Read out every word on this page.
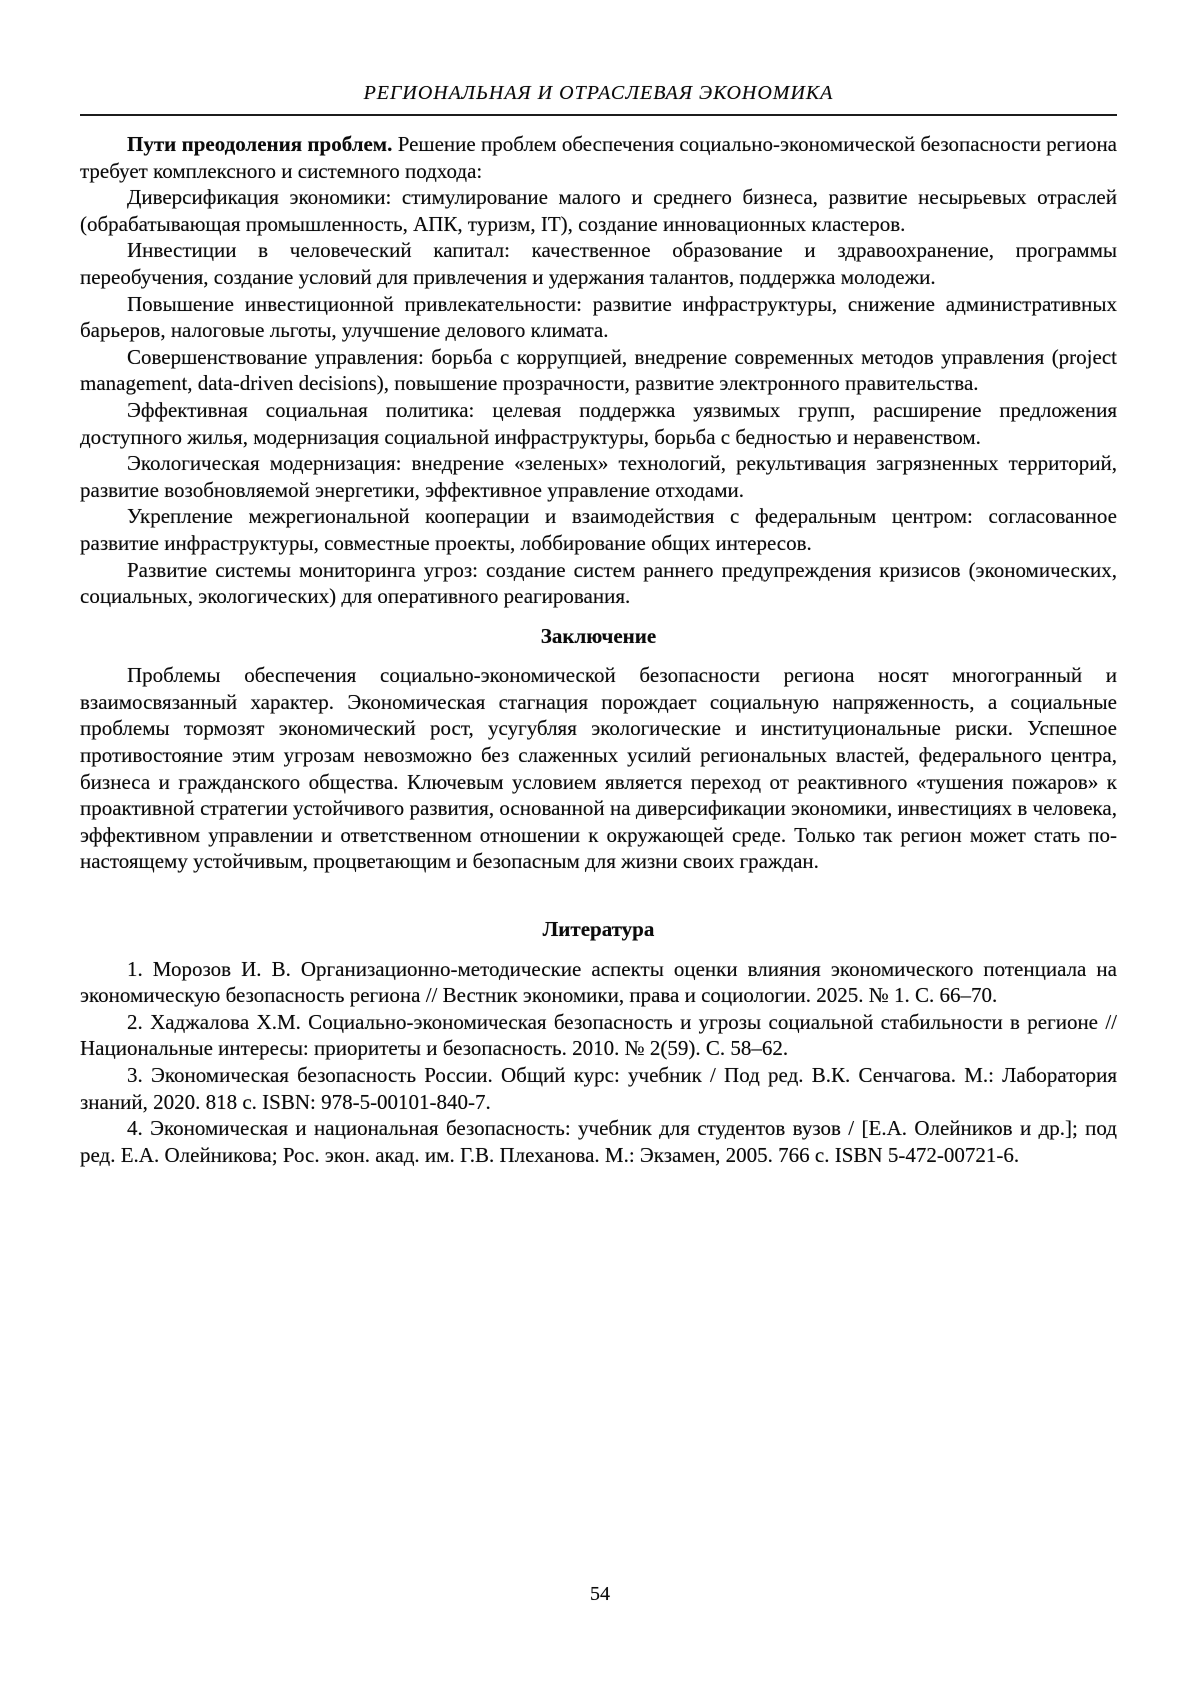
РЕГИОНАЛЬНАЯ И ОТРАСЛЕВАЯ ЭКОНОМИКА

Пути преодоления проблем. Решение проблем обеспечения социально-экономической безопасности региона требует комплексного и системного подхода:

Диверсификация экономики: стимулирование малого и среднего бизнеса, развитие несырьевых отраслей (обрабатывающая промышленность, АПК, туризм, IT), создание инновационных кластеров.

Инвестиции в человеческий капитал: качественное образование и здравоохранение, программы переобучения, создание условий для привлечения и удержания талантов, поддержка молодежи.

Повышение инвестиционной привлекательности: развитие инфраструктуры, снижение административных барьеров, налоговые льготы, улучшение делового климата.

Совершенствование управления: борьба с коррупцией, внедрение современных методов управления (project management, data-driven decisions), повышение прозрачности, развитие электронного правительства.

Эффективная социальная политика: целевая поддержка уязвимых групп, расширение предложения доступного жилья, модернизация социальной инфраструктуры, борьба с бедностью и неравенством.

Экологическая модернизация: внедрение «зеленых» технологий, рекультивация загрязненных территорий, развитие возобновляемой энергетики, эффективное управление отходами.

Укрепление межрегиональной кооперации и взаимодействия с федеральным центром: согласованное развитие инфраструктуры, совместные проекты, лоббирование общих интересов.

Развитие системы мониторинга угроз: создание систем раннего предупреждения кризисов (экономических, социальных, экологических) для оперативного реагирования.

Заключение

Проблемы обеспечения социально-экономической безопасности региона носят многогранный и взаимосвязанный характер. Экономическая стагнация порождает социальную напряженность, а социальные проблемы тормозят экономический рост, усугубляя экологические и институциональные риски. Успешное противостояние этим угрозам невозможно без слаженных усилий региональных властей, федерального центра, бизнеса и гражданского общества. Ключевым условием является переход от реактивного «тушения пожаров» к проактивной стратегии устойчивого развития, основанной на диверсификации экономики, инвестициях в человека, эффективном управлении и ответственном отношении к окружающей среде. Только так регион может стать по-настоящему устойчивым, процветающим и безопасным для жизни своих граждан.

Литература

1. Морозов И. В. Организационно-методические аспекты оценки влияния экономического потенциала на экономическую безопасность региона // Вестник экономики, права и социологии. 2025. № 1. С. 66–70.

2. Хаджалова Х.М. Социально-экономическая безопасность и угрозы социальной стабильности в регионе // Национальные интересы: приоритеты и безопасность. 2010. № 2(59). С. 58–62.

3. Экономическая безопасность России. Общий курс: учебник / Под ред. В.К. Сенчагова. М.: Лаборатория знаний, 2020. 818 с. ISBN: 978-5-00101-840-7.

4. Экономическая и национальная безопасность: учебник для студентов вузов / [Е.А. Олейников и др.]; под ред. Е.А. Олейникова; Рос. экон. акад. им. Г.В. Плеханова. М.: Экзамен, 2005. 766 с. ISBN 5-472-00721-6.

54
